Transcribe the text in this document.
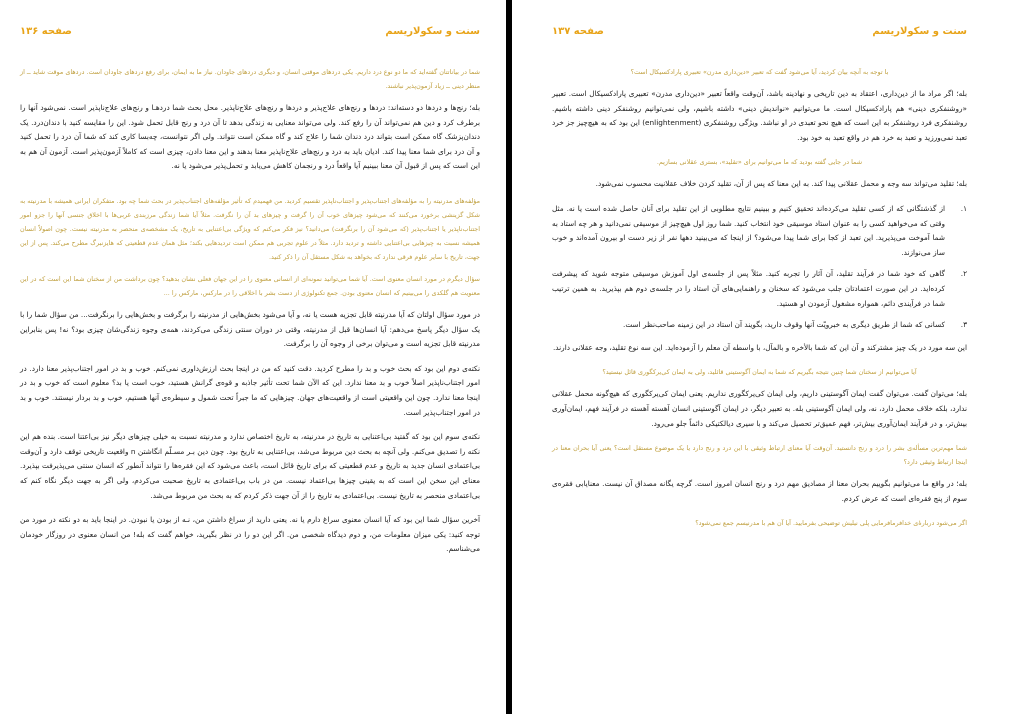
سنت و سکولاریسم
صفحه ۱۳۷

با توجه به آنچه بیان کردید، آیا می‌شود گفت که تعبیر «دین‌داری مدرن» تعبیری پارادکسیکال است؟

بله؛ اگر مراد ما از دین‌داری، اعتقاد به دین تاریخی و نهادینه باشد، آن‌وقت واقعاً تعبیر «دین‌داری مدرن» تعبیری پارادکسیکال است. تعبیر «روشنفکری دینی» هم پارادکسیکال است. ما می‌توانیم «نواندیش دینی» داشته باشیم، ولی نمی‌توانیم روشنفکر دینی داشته باشیم. روشنفکری فرد روشنفکر به این است که هیچ نحو تعبدی در او نباشد. ویژگی روشنفکری (enlightenment) این بود که به هیچ‌چیز جز خرد تعبد نمی‌ورزید و تعبد به خرد هم در واقع تعبد به خود بود.

شما در جایی گفته بودید که ما می‌توانیم برای «تقلید»، بستری عقلانی بسازیم.

بله؛ تقلید می‌تواند سه وجه و محمل عقلانی پیدا کند. به این معنا که پس از آن، تقلید کردن خلاف عقلانیت محسوب نمی‌شود.

۱.

از گذشتگانی که از کسی تقلید می‌کرده‌اند تحقیق کنیم و ببینیم نتایج مطلوبی از این تقلید برای آنان حاصل شده است یا نه. مثل وقتی که می‌خواهید کسی را به عنوان استاد موسیقی خود انتخاب کنید. شما روز اول هیچ‌چیز از موسیقی نمی‌دانید و هر چه استاد به شما آموخت می‌پذیرید. این تعبد از کجا برای شما پیدا می‌شود؟ از اینجا که می‌بینید دهها نفر از زیر دست او بیرون آمده‌اند و خوب ساز می‌نوازند.

۲.

گاهی که خود شما در فرآیند تقلید، آن آثار را تجربه کنید. مثلاً پس از جلسه‌ی اول آموزش موسیقی متوجه شوید که پیشرفت کرده‌اید. در این صورت اعتمادتان جلب می‌شود که سخنان و راهنمایی‌های آن استاد را در جلسه‌ی دوم هم بپذیرید. به همین ترتیب شما در فرآیندی دائم، همواره مشغول آزمودن او هستید.

۳.

کسانی که شما از طریق دیگری به خبرویّت آنها وقوف دارید، بگویند آن استاد در این زمینه صاحب‌نظر است.

این سه مورد در یک چیز مشترکند و آن این که شما بالأخره و بالمآل، با واسطه آن معلم را آزموده‌اید. این سه نوع تقلید، وجه عقلانی دارند.

آیا می‌توانیم از سخنان شما چنین نتیجه بگیریم که شما به ایمان آگوستینی قائلید، ولی به ایمان کی‌یرکگوری قائل نیستید؟

بله؛ می‌توان گفت. می‌توان گفت ایمان آگوستینی داریم، ولی ایمان کی‌یرکگوری نداریم. یعنی ایمان کی‌یرکگوری که هیچ‌گونه محمل عقلانی ندارد، بلکه خلاف محمل دارد، نه، ولی ایمان آگوستینی بله. به تعبیر دیگر، در ایمان آگوستینی انسان آهسته آهسته در فرآیند فهم، ایمان‌آوری بیش‌تر، و در فرآیند ایمان‌آوری بیش‌تر، فهم عمیق‌تر تحصیل می‌کند و با سیری دیالکتیکی دائماً جلو می‌رود.

شما مهم‌ترین مسأله‌ی بشر را درد و رنج دانستید. آن‌وقت آیا معنای ارتباط وثیقی با این درد و رنج دارد یا یک موضوع مستقل است؟ یعنی آیا بحران معنا در اینجا ارتباط وثیقی دارد؟

بله؛ در واقع ما می‌توانیم بگوییم بحران معنا از مصادیق مهم درد و رنج انسان امروز است. گرچه یگانه مصداق آن نیست. معنایابی فقره‌ی سوم از پنج فقره‌ای است که عرض کردم.

اگر می‌شود دربارۀی خدافرمافرمایی پلی نیلیش توضیحی بفرمایید. آیا آن هم با مدرنیسم جمع نمی‌شود؟

سنت و سکولاریسم
صفحه ۱۳۶

شما در بیاناتتان گفته‌اید که ما دو نوع درد داریم. یکی دردهای موقتی انسان، و دیگری دردهای جاودان. نیاز ما به ایمان، برای رفع دردهای جاودان است. دردهای موقت شاید ــ از منظر دینی ــ زیاد آزمون‌پذیر نباشند.

بله؛ رنج‌ها و دردها دو دسته‌اند: دردها و رنج‌های علاج‌پذیر و دردها و رنج‌های علاج‌ناپذیر. محل بحث شما دردهـا و رنج‌های علاج‌ناپذیر است. نمی‌شود آنها را برطرف کرد و دین هم نمی‌تواند آن را رفع کند. ولی می‌تواند معنایی به زندگی بدهد تا آن درد و رنج قابل تحمل شود. این را مقایسه کنید با دندان‌درد. یک دندان‌پزشک گاه ممکن است بتواند درد دندان شما را علاج کند و گاه ممکن است نتواند. ولی اگر نتوانست، چه‌بسا کاری کند که شما آن درد را تحمل کنید و آن درد برای شما معنا پیدا کند. ادیان باید به درد و رنج‌های علاج‌ناپذیر معنا بدهند و این معنا دادن، چیزی است که کاملاً آزمون‌پذیر است. آزمون آن هم به این است که پس از قبول آن معنا ببینیم آیا واقعاً درد و رنجمان کاهش می‌یابد و تحمل‌پذیر می‌شود یا نه.

مؤلفه‌های مدرنیته را به مؤلفه‌های اجتناب‌پذیر و اجتناب‌ناپذیر تقسیم کردید. من فهمیدم که تأثیر مؤلفه‌های اجتناب‌پذیر در بحث شما چه بود. متفکران ایرانی همیشه با مدرنیته به شکل گزینشی برخورد می‌کنند که می‌شود چیزهای خوب آن را گرفت و چیزهای بد آن را نگرفت. مثلاً آیا شما زندگی مرزبندی غربی‌ها با اخلاق جنسی آنها را جزو امور اجتناب‌ناپذیر یا اجتناب‌پذیر (که می‌شود آن را برنگرفت) می‌دانید؟ نیز فکر می‌کنم که ویژگی بی‌اعتنایی به تاریخ، یک مشخصه‌ی منحصر به مدرنیته نیست. چون اصولاً انسان همیشه نسبت به چیزهایی بی‌اعتنایی داشته و تردید دارد. مثلاً در علوم تجربی هم ممکن است تردیدهایی بکند؛ مثل همان عدم قطعیتی که هایزنبرگ مطرح می‌کند. پس از این جهت، تاریخ با سایر علوم فرقی ندارد که بخواهد به شکل مستقل آن را ذکر کنید.

سؤال دیگرم در مورد انسان معنوی است. آیا شما می‌توانید نمونه‌ای از انسانی معنوی را در این جهان فعلی نشان بدهید؟ چون برداشت من از سخنان شما این است که در این معنویت هم گلکدی را می‌بینیم که انسان معنوی بودن. جمع تکنولوژی از دست بشر با اخلاقی را در مارکس، مارکس را ...

در مورد سؤال اولتان که آیا مدرنیته قابل تجزیه هست یا نه، و آیا می‌شود بخش‌هایی از مدرنیته را برگرفت و بخش‌هایی را برنگرفت... من سؤال شما را با یک سؤال دیگر پاسخ می‌دهم: آیا انسان‌ها قبل از مدرنیته، وقتی در دوران سنتی زندگی می‌کردند، همه‌ی وجوه زندگی‌شان چیزی بود؟ نه! پس بنابراین مدرنیته قابل تجزیه است و می‌توان برخی از وجوه آن را برگرفت.

نکته‌ی دوم این بود که بحث خوب و بد را مطرح کردید. دقت کنید که من در اینجا بحث ارزش‌داوری نمی‌کنم. خوب و بد در امور اجتناب‌پذیر معنا دارد. در امور اجتناب‌ناپذیر اصلاً خوب و بد معنا ندارد. این که الآن شما تحت تأثیر جاذبه و قوه‌ی گرانش هستید، خوب است یا بد؟ معلوم است که خوب و بد در اینجا معنا ندارد. چون این واقعیتی است از واقعیت‌های جهان. چیزهایی که ما جبراً تحت شمول و سیطره‌ی آنها هستیم، خوب و بد بردار نیستند. خوب و بد در امور اجتناب‌پذیر است.

نکته‌ی سوم این بود که گفتید بی‌اعتنایی به تاریخ در مدرنیته، به تاریخ اختصاص ندارد و مدرنیته نسبت به خیلی چیزهای دیگر نیز بی‌اعتنا است. بنده هم این نکته را تصدیق می‌کنم. ولی آنچه به بحث دین مربوط می‌شد، بی‌اعتنایی به تاریخ بود. چون دین بـر مسـلّم انگاشتن n واقعیت تاریخی توقف دارد و آن‌وقت بی‌اعتمادی انسان جدید به تاریخ و عدم قطعیتی که برای تاریخ قائل است، باعث می‌شود که این فقره‌ها را نتواند آنطور که انسان سنتی می‌پذیرفت بپذیرد. معنای این سخن این است که به یقینی چیزها بی‌اعتماد نیست. من در باب بی‌اعتمادی به تاریخ صحبت می‌کردم، ولی اگر به جهت دیگر نگاه کنم که بی‌اعتمادی منحصر به تاریخ نیست. بی‌اعتمادی به تاریخ را از آن جهت ذکر کردم که به بحث من مربوط می‌شد.

آخرین سؤال شما این بود که آیا انسان معنوی سراغ دارم یا نه. یعنی دارید از سراغ داشتن من، نـه از بودن یا نبودن. در اینجا باید به دو نکته در مورد من توجه کنید: یکی میزان معلومات من، و دوم دیدگاه شخصی من. اگر این دو را در نظر بگیرید، خواهم گفت که بله! من انسان معنوی در روزگار خودمان می‌شناسم.
